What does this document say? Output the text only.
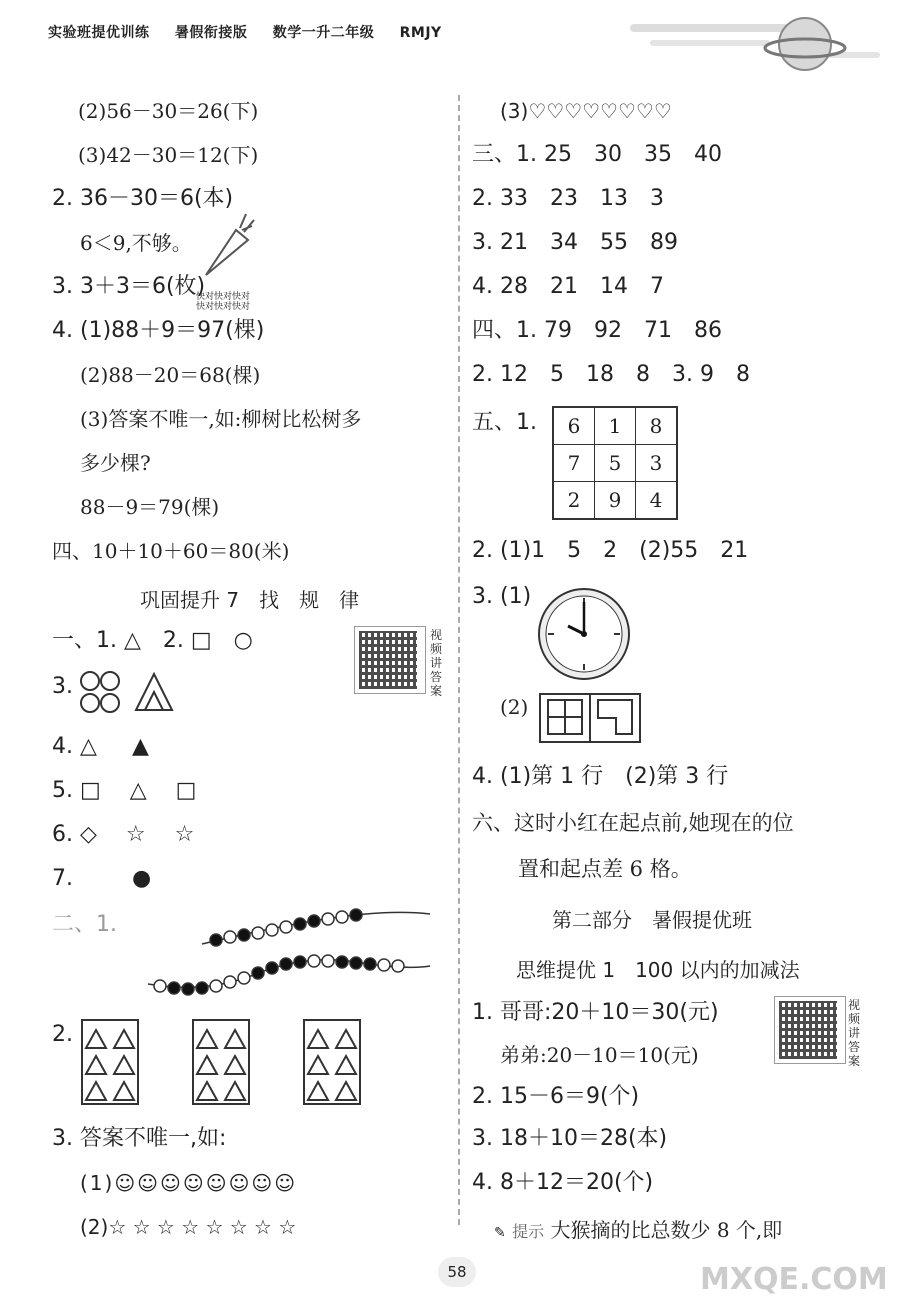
实验班提优训练 暑假衔接版 数学一升二年级 RMJY
(2)56－30＝26(下)
(3)42－30＝12(下)
2. 36－30＝6(本)
6＜9,不够。
3. 3＋3＝6(枚)
快对快对快对
快对快对快对
4. (1)88＋9＝97(棵)
(2)88－20＝68(棵)
(3)答案不唯一,如:柳树比松树多
多少棵?
88－9＝79(棵)
四、10＋10＋60＝80(米)
巩固提升 7　找　规　律
一、1. △　2. □　○	视频讲答案
3.
4. △ ▲
5. □　 △　 □
6. ◇　 ☆　 ☆
7.	●
二、1.
2.
3. 答案不唯一,如:
(1)☺☺☺☺☺☺☺☺
(2)☆ ☆ ☆ ☆ ☆ ☆ ☆ ☆
(3)♡♡♡♡♡♡♡♡
三、1. 25　30　35　40
2. 33　23　13　3
3. 21　34　55　89
4. 28　21　14　7
四、1. 79　92　71　86
2. 12　5　18　8　3. 9　8
五、1. 6	1	8
7	5	3
2	9	4
2. (1)1　5　2　(2)55　21
3. (1)
(2)
4. (1)第 1 行　(2)第 3 行
六、这时小红在起点前,她现在的位
置和起点差 6 格。
第二部分　暑假提优班
思维提优 1　100 以内的加减法
1. 哥哥:20＋10＝30(元)	视频讲答案
弟弟:20－10＝10(元)
2. 15－6＝9(个)
3. 18＋10＝28(本)
4. 8＋12＝20(个)
✎ 提示 大猴摘的比总数少 8 个,即
58	MXQE.COM
